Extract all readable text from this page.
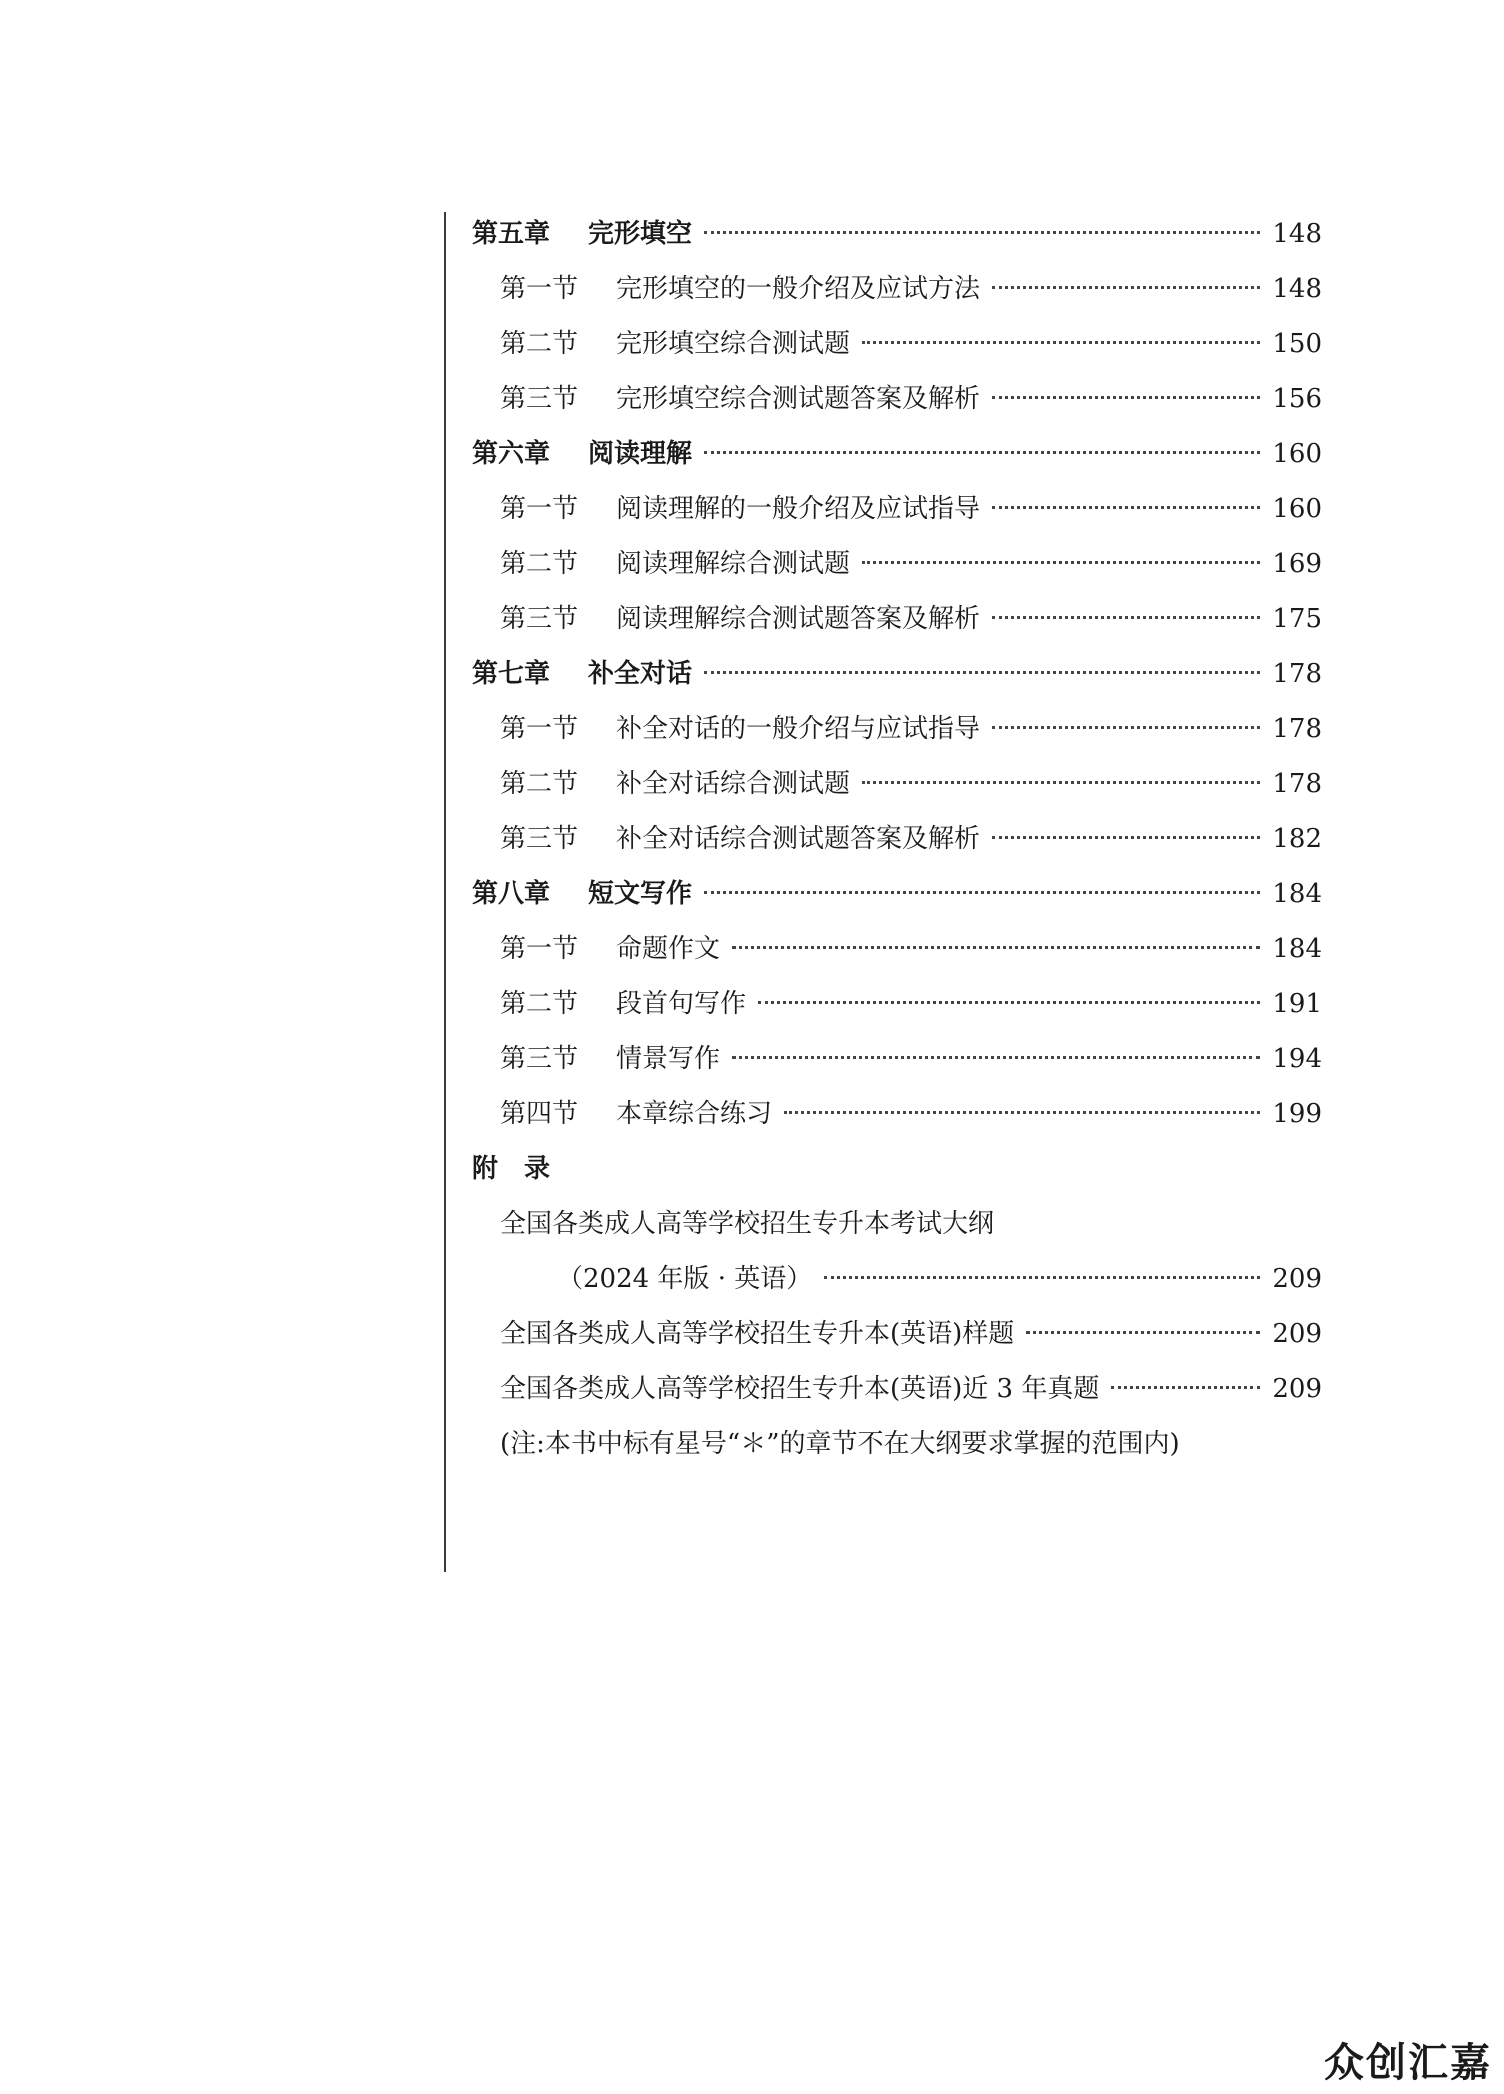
第五章	完形填空	148
第一节	完形填空的一般介绍及应试方法	148
第二节	完形填空综合测试题	150
第三节	完形填空综合测试题答案及解析	156
第六章	阅读理解	160
第一节	阅读理解的一般介绍及应试指导	160
第二节	阅读理解综合测试题	169
第三节	阅读理解综合测试题答案及解析	175
第七章	补全对话	178
第一节	补全对话的一般介绍与应试指导	178
第二节	补全对话综合测试题	178
第三节	补全对话综合测试题答案及解析	182
第八章	短文写作	184
第一节	命题作文	184
第二节	段首句写作	191
第三节	情景写作	194
第四节	本章综合练习	199
附　录
全国各类成人高等学校招生专升本考试大纲
（2024 年版 · 英语）	209
全国各类成人高等学校招生专升本(英语)样题	209
全国各类成人高等学校招生专升本(英语)近 3 年真题	209
(注:本书中标有星号“＊”的章节不在大纲要求掌握的范围内)
众创汇嘉
